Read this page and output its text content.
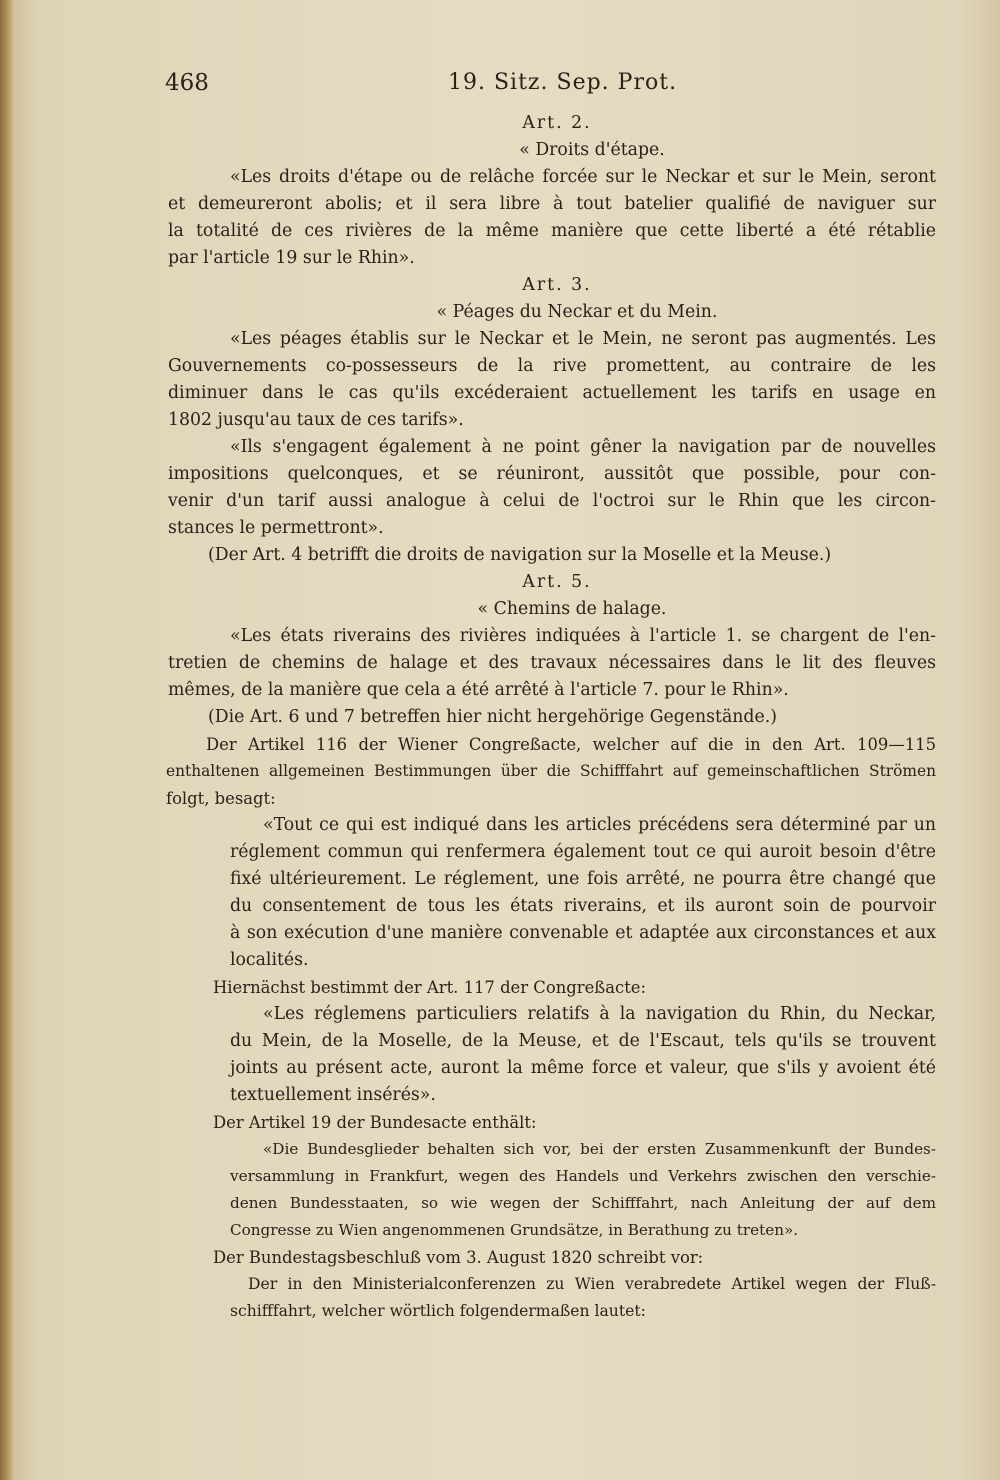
468	19. Sitz. Sep. Prot.
Art. 2.
« Droits d'étape.
«Les droits d'étape ou de relâche forcée sur le Neckar et sur le Mein, seront
et demeureront abolis; et il sera libre à tout batelier qualifié de naviguer sur
la totalité de ces rivières de la même manière que cette liberté a été rétablie
par l'article 19 sur le Rhin».
Art. 3.
« Péages du Neckar et du Mein.
«Les péages établis sur le Neckar et le Mein, ne seront pas augmentés. Les
Gouvernements co-possesseurs de la rive promettent, au contraire de les
diminuer dans le cas qu'ils excéderaient actuellement les tarifs en usage en
1802 jusqu'au taux de ces tarifs».
«Ils s'engagent également à ne point gêner la navigation par de nouvelles
impositions quelconques, et se réuniront, aussitôt que possible, pour con-
venir d'un tarif aussi analogue à celui de l'octroi sur le Rhin que les circon-
stances le permettront».
(Der Art. 4 betrifft die droits de navigation sur la Moselle et la Meuse.)
Art. 5.
« Chemins de halage.
«Les états riverains des rivières indiquées à l'article 1. se chargent de l'en-
tretien de chemins de halage et des travaux nécessaires dans le lit des fleuves
mêmes, de la manière que cela a été arrêté à l'article 7. pour le Rhin».
(Die Art. 6 und 7 betreffen hier nicht hergehörige Gegenstände.)
Der Artikel 116 der Wiener Congreßacte, welcher auf die in den Art. 109—115
enthaltenen allgemeinen Bestimmungen über die Schifffahrt auf gemeinschaftlichen Strömen
folgt, besagt:
«Tout ce qui est indiqué dans les articles précédens sera déterminé par un
réglement commun qui renfermera également tout ce qui auroit besoin d'être
fixé ultérieurement. Le réglement, une fois arrêté, ne pourra être changé que
du consentement de tous les états riverains, et ils auront soin de pourvoir
à son exécution d'une manière convenable et adaptée aux circonstances et aux
localités.
Hiernächst bestimmt der Art. 117 der Congreßacte:
«Les réglemens particuliers relatifs à la navigation du Rhin, du Neckar,
du Mein, de la Moselle, de la Meuse, et de l'Escaut, tels qu'ils se trouvent
joints au présent acte, auront la même force et valeur, que s'ils y avoient été
textuellement insérés».
Der Artikel 19 der Bundesacte enthält:
«Die Bundesglieder behalten sich vor, bei der ersten Zusammenkunft der Bundes-
versammlung in Frankfurt, wegen des Handels und Verkehrs zwischen den verschie-
denen Bundesstaaten, so wie wegen der Schifffahrt, nach Anleitung der auf dem
Congresse zu Wien angenommenen Grundsätze, in Berathung zu treten».
Der Bundestagsbeschluß vom 3. August 1820 schreibt vor:
Der in den Ministerialconferenzen zu Wien verabredete Artikel wegen der Fluß-
schifffahrt, welcher wörtlich folgendermaßen lautet:
